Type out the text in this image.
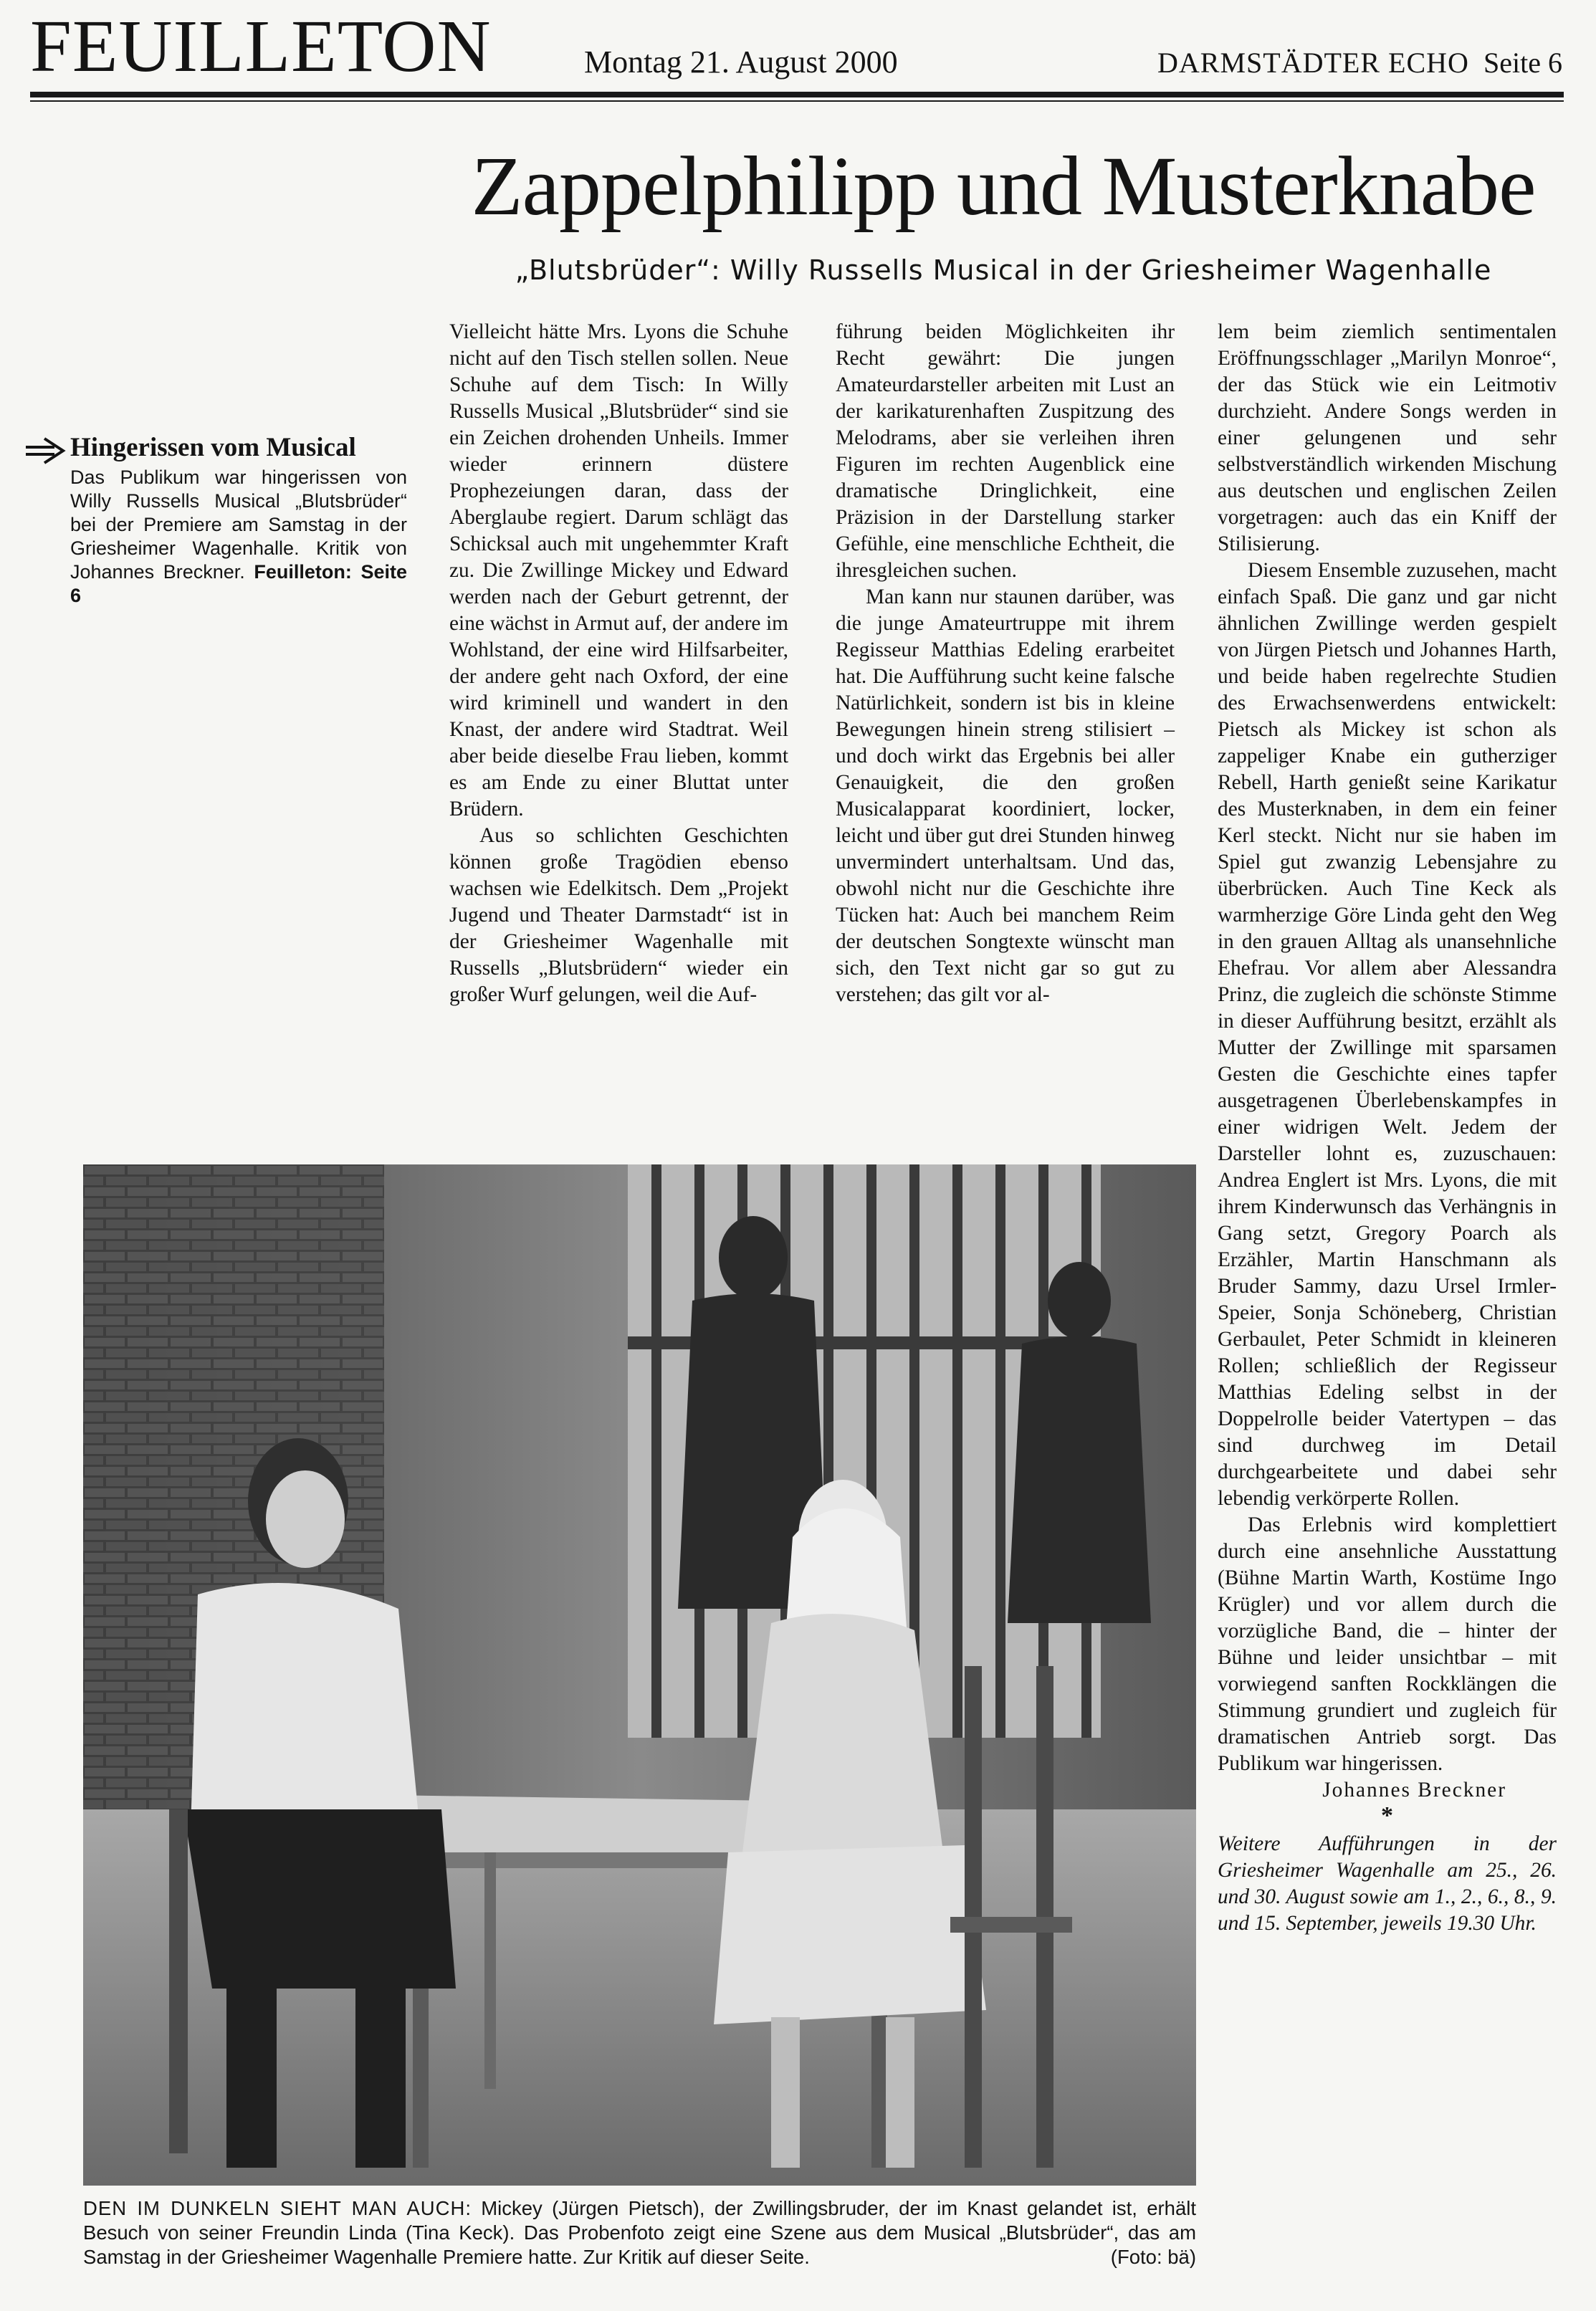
FEUILLETON	Montag 21. August 2000	DARMSTÄDTER ECHO Seite 6
Zappelphilipp und Musterknabe
„Blutsbrüder“: Willy Russells Musical in der Griesheimer Wagenhalle
Hingerissen vom Musical
Das Publikum war hingerissen von Willy Russells Musical „Blutsbrüder“ bei der Premiere am Samstag in der Griesheimer Wagenhalle. Kritik von Johannes Breckner. Feuilleton: Seite 6

Vielleicht hätte Mrs. Lyons die Schuhe nicht auf den Tisch stellen sollen. Neue Schuhe auf dem Tisch: In Willy Russells Musical „Blutsbrüder“ sind sie ein Zeichen drohenden Unheils. Immer wieder erinnern düstere Prophezeiungen daran, dass der Aberglaube regiert. Darum schlägt das Schicksal auch mit ungehemmter Kraft zu. Die Zwillinge Mickey und Edward werden nach der Geburt getrennt, der eine wächst in Armut auf, der andere im Wohlstand, der eine wird Hilfsarbeiter, der andere geht nach Oxford, der eine wird kriminell und wandert in den Knast, der andere wird Stadtrat. Weil aber beide dieselbe Frau lieben, kommt es am Ende zu einer Bluttat unter Brüdern.

Aus so schlichten Geschichten können große Tragödien ebenso wachsen wie Edelkitsch. Dem „Projekt Jugend und Theater Darmstadt“ ist in der Griesheimer Wagenhalle mit Russells „Blutsbrüdern“ wieder ein großer Wurf gelungen, weil die Auf-

führung beiden Möglichkeiten ihr Recht gewährt: Die jungen Amateurdarsteller arbeiten mit Lust an der karikaturenhaften Zuspitzung des Melodrams, aber sie verleihen ihren Figuren im rechten Augenblick eine dramatische Dringlichkeit, eine Präzision in der Darstellung starker Gefühle, eine menschliche Echtheit, die ihresgleichen suchen.

Man kann nur staunen darüber, was die junge Amateurtruppe mit ihrem Regisseur Matthias Edeling erarbeitet hat. Die Aufführung sucht keine falsche Natürlichkeit, sondern ist bis in kleine Bewegungen hinein streng stilisiert – und doch wirkt das Ergebnis bei aller Genauigkeit, die den großen Musicalapparat koordiniert, locker, leicht und über gut drei Stunden hinweg unvermindert unterhaltsam. Und das, obwohl nicht nur die Geschichte ihre Tücken hat: Auch bei manchem Reim der deutschen Songtexte wünscht man sich, den Text nicht gar so gut zu verstehen; das gilt vor al-

lem beim ziemlich sentimentalen Eröffnungsschlager „Marilyn Monroe“, der das Stück wie ein Leitmotiv durchzieht. Andere Songs werden in einer gelungenen und sehr selbstverständlich wirkenden Mischung aus deutschen und englischen Zeilen vorgetragen: auch das ein Kniff der Stilisierung.

Diesem Ensemble zuzusehen, macht einfach Spaß. Die ganz und gar nicht ähnlichen Zwillinge werden gespielt von Jürgen Pietsch und Johannes Harth, und beide haben regelrechte Studien des Erwachsenwerdens entwickelt: Pietsch als Mickey ist schon als zappeliger Knabe ein gutherziger Rebell, Harth genießt seine Karikatur des Musterknaben, in dem ein feiner Kerl steckt. Nicht nur sie haben im Spiel gut zwanzig Lebensjahre zu überbrücken. Auch Tine Keck als warmherzige Göre Linda geht den Weg in den grauen Alltag als unansehnliche Ehefrau. Vor allem aber Alessandra Prinz, die zugleich die schönste Stimme in dieser Aufführung besitzt, erzählt als Mutter der Zwillinge mit sparsamen Gesten die Geschichte eines tapfer ausgetragenen Überlebenskampfes in einer widrigen Welt. Jedem der Darsteller lohnt es, zuzuschauen: Andrea Englert ist Mrs. Lyons, die mit ihrem Kinderwunsch das Verhängnis in Gang setzt, Gregory Poarch als Erzähler, Martin Hanschmann als Bruder Sammy, dazu Ursel Irmler-Speier, Sonja Schöneberg, Christian Gerbaulet, Peter Schmidt in kleineren Rollen; schließlich der Regisseur Matthias Edeling selbst in der Doppelrolle beider Vatertypen – das sind durchweg im Detail durchgearbeitete und dabei sehr lebendig verkörperte Rollen.

Das Erlebnis wird komplettiert durch eine ansehnliche Ausstattung (Bühne Martin Warth, Kostüme Ingo Krügler) und vor allem durch die vorzügliche Band, die – hinter der Bühne und leider unsichtbar – mit vorwiegend sanften Rockklängen die Stimmung grundiert und zugleich für dramatischen Antrieb sorgt. Das Publikum war hingerissen.

Johannes Breckner
*

Weitere Aufführungen in der Griesheimer Wagenhalle am 25., 26. und 30. August sowie am 1., 2., 6., 8., 9. und 15. September, jeweils 19.30 Uhr.

DEN IM DUNKELN SIEHT MAN AUCH: Mickey (Jürgen Pietsch), der Zwillingsbruder, der im Knast gelandet ist, erhält Besuch von seiner Freundin Linda (Tina Keck). Das Probenfoto zeigt eine Szene aus dem Musical „Blutsbrüder“, das am Samstag in der Griesheimer Wagenhalle Premiere hatte. Zur Kritik auf dieser Seite.	(Foto: bä)
